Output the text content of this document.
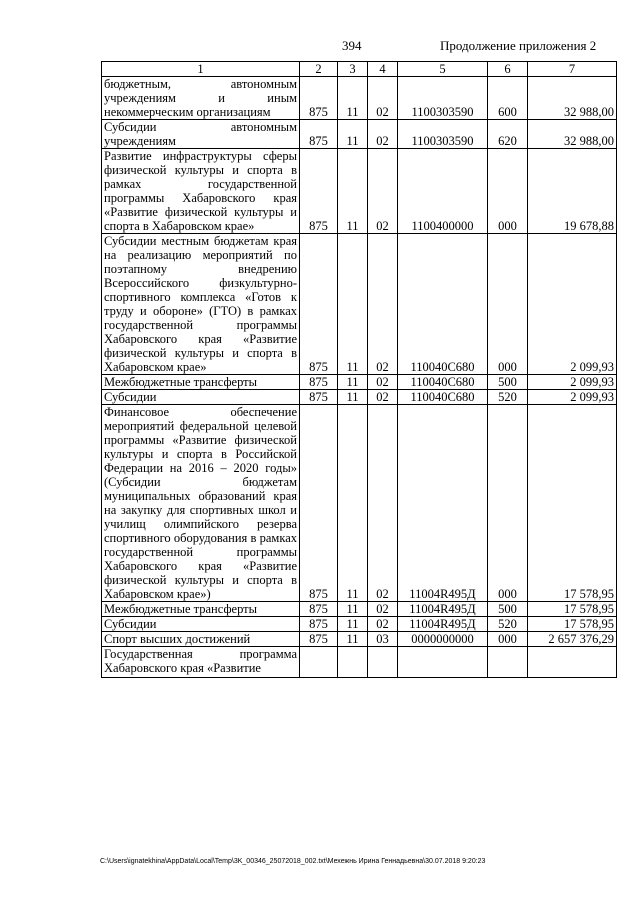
394	Продолжение приложения 2
1	2	3	4	5	6	7
бюджетным, автономным учреждениям и иным некоммерческим организациям	875	11	02	1100303590	600	32 988,00
Субсидии автономным учреждениям	875	11	02	1100303590	620	32 988,00
Развитие инфраструктуры сферы физической культуры и спорта в рамках государственной программы Хабаровского края «Развитие физической культуры и спорта в Хабаровском крае»	875	11	02	1100400000	000	19 678,88
Субсидии местным бюджетам края на реализацию мероприятий по поэтапному внедрению Всероссийского физкультурно-спортивного комплекса «Готов к труду и обороне» (ГТО) в рамках государственной программы Хабаровского края «Развитие физической культуры и спорта в Хабаровском крае»	875	11	02	110040С680	000	2 099,93
Межбюджетные трансферты	875	11	02	110040С680	500	2 099,93
Субсидии	875	11	02	110040С680	520	2 099,93
Финансовое обеспечение мероприятий федеральной целевой программы «Развитие физической культуры и спорта в Российской Федерации на 2016 – 2020 годы» (Субсидии бюджетам муниципальных образований края на закупку для спортивных школ и училищ олимпийского резерва спортивного оборудования в рамках государственной программы Хабаровского края «Развитие физической культуры и спорта в Хабаровском крае»)	875	11	02	11004R495Д	000	17 578,95
Межбюджетные трансферты	875	11	02	11004R495Д	500	17 578,95
Субсидии	875	11	02	11004R495Д	520	17 578,95
Спорт высших достижений	875	11	03	0000000000	000	2 657 376,29
Государственная программа Хабаровского края «Развитие						
C:\Users\ignatekhina\AppData\Local\Temp\3K_00346_25072018_002.txt\Мехежнь Ирина Геннадьевна\30.07.2018 9:20:23
